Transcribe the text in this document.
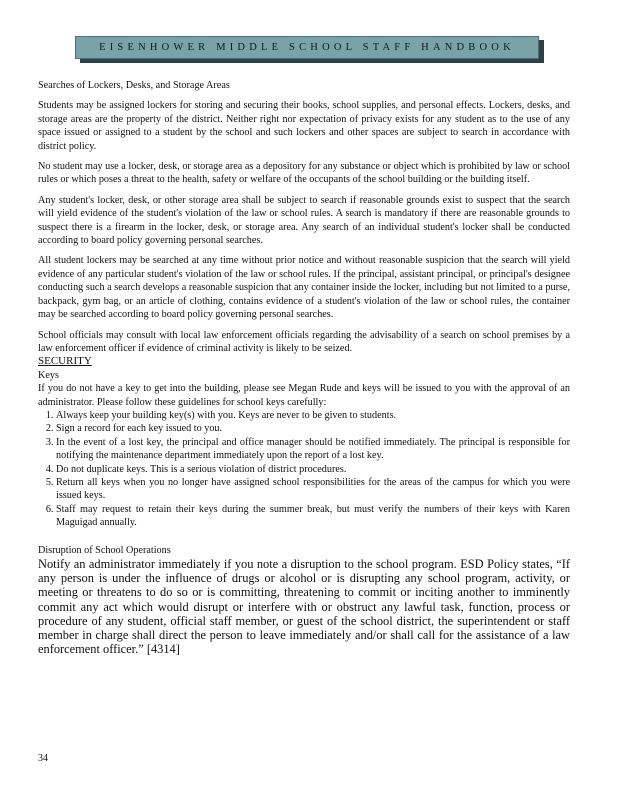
EISENHOWER MIDDLE SCHOOL STAFF HANDBOOK

Searches of Lockers, Desks, and Storage Areas

Students may be assigned lockers for storing and securing their books, school supplies, and personal effects. Lockers, desks, and storage areas are the property of the district. Neither right nor expectation of privacy exists for any student as to the use of any space issued or assigned to a student by the school and such lockers and other spaces are subject to search in accordance with district policy.

No student may use a locker, desk, or storage area as a depository for any substance or object which is prohibited by law or school rules or which poses a threat to the health, safety or welfare of the occupants of the school building or the building itself.

Any student's locker, desk, or other storage area shall be subject to search if reasonable grounds exist to suspect that the search will yield evidence of the student's violation of the law or school rules. A search is mandatory if there are reasonable grounds to suspect there is a firearm in the locker, desk, or storage area. Any search of an individual student's locker shall be conducted according to board policy governing personal searches.

All student lockers may be searched at any time without prior notice and without reasonable suspicion that the search will yield evidence of any particular student's violation of the law or school rules. If the principal, assistant principal, or principal's designee conducting such a search develops a reasonable suspicion that any container inside the locker, including but not limited to a purse, backpack, gym bag, or an article of clothing, contains evidence of a student's violation of the law or school rules, the container may be searched according to board policy governing personal searches.

School officials may consult with local law enforcement officials regarding the advisability of a search on school premises by a law enforcement officer if evidence of criminal activity is likely to be seized.

SECURITY

Keys

If you do not have a key to get into the building, please see Megan Rude and keys will be issued to you with the approval of an administrator. Please follow these guidelines for school keys carefully:

1. Always keep your building key(s) with you. Keys are never to be given to students.
2. Sign a record for each key issued to you.
3. In the event of a lost key, the principal and office manager should be notified immediately. The principal is responsible for notifying the maintenance department immediately upon the report of a lost key.
4. Do not duplicate keys. This is a serious violation of district procedures.
5. Return all keys when you no longer have assigned school responsibilities for the areas of the campus for which you were issued keys.
6. Staff may request to retain their keys during the summer break, but must verify the numbers of their keys with Karen Maguigad annually.

Disruption of School Operations

Notify an administrator immediately if you note a disruption to the school program. ESD Policy states, “If any person is under the influence of drugs or alcohol or is disrupting any school program, activity, or meeting or threatens to do so or is committing, threatening to commit or inciting another to imminently commit any act which would disrupt or interfere with or obstruct any lawful task, function, process or procedure of any student, official staff member, or guest of the school district, the superintendent or staff member in charge shall direct the person to leave immediately and/or shall call for the assistance of a law enforcement officer.” [4314]

34
